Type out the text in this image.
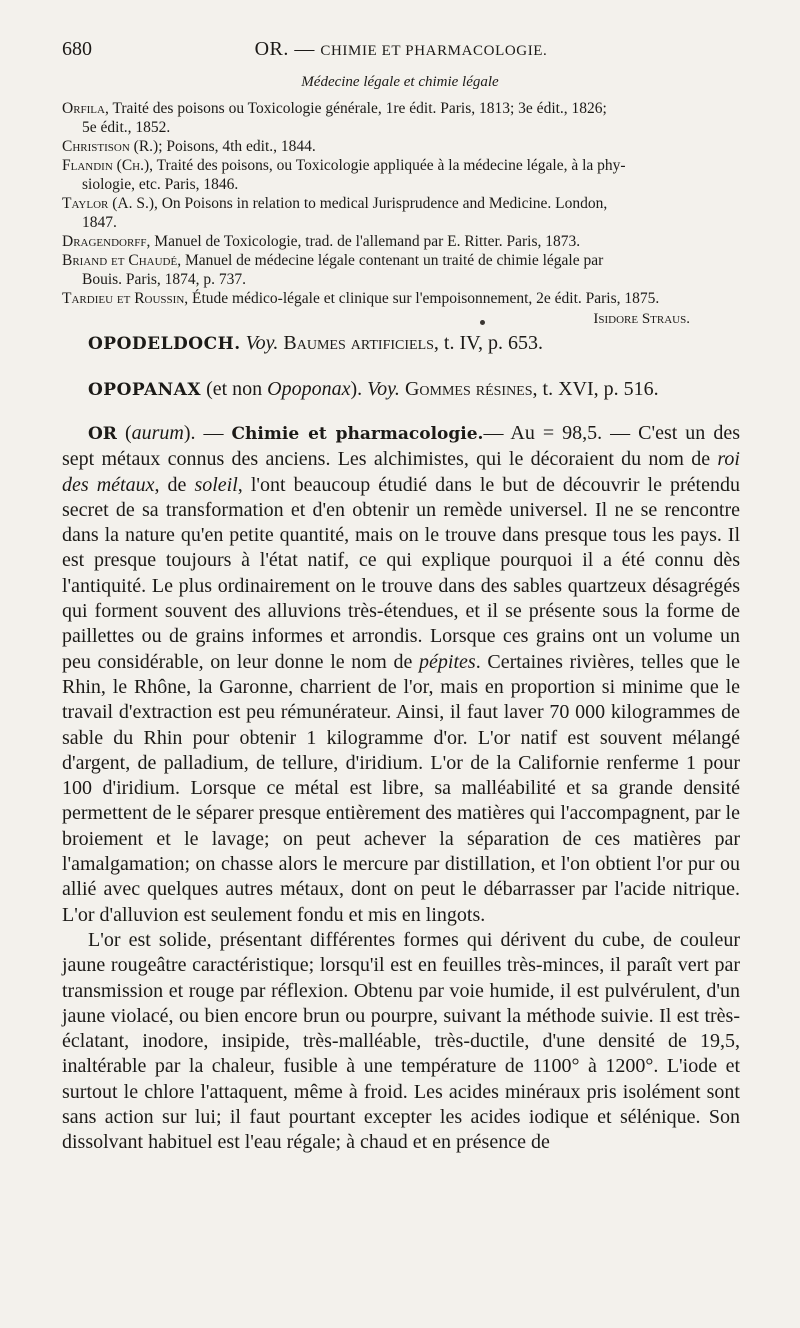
680	OR. — CHIMIE ET PHARMACOLOGIE.
Médecine légale et chimie légale
Orfila, Traité des poisons ou Toxicologie générale, 1re édit. Paris, 1813; 3e édit., 1826;
5e édit., 1852.
Christison (R.); Poisons, 4th edit., 1844.
Flandin (Ch.), Traité des poisons, ou Toxicologie appliquée à la médecine légale, à la phy-
siologie, etc. Paris, 1846.
Taylor (A. S.), On Poisons in relation to medical Jurisprudence and Medicine. London,
1847.
Dragendorff, Manuel de Toxicologie, trad. de l'allemand par E. Ritter. Paris, 1873.
Briand et Chaudé, Manuel de médecine légale contenant un traité de chimie légale par
Bouis. Paris, 1874, p. 737.
Tardieu et Roussin, Étude médico-légale et clinique sur l'empoisonnement, 2e édit. Paris, 1875.
Isidore Straus.
OPODELDOCH. Voy. Baumes artificiels, t. IV, p. 653.
OPOPANAX (et non Opoponax). Voy. Gommes résines, t. XVI, p. 516.

OR (aurum). — Chimie et pharmacologie.— Au = 98,5. — C'est un des sept métaux connus des anciens. Les alchimistes, qui le décoraient du nom de roi des métaux, de soleil, l'ont beaucoup étudié dans le but de découvrir le prétendu secret de sa transformation et d'en obtenir un remède universel. Il ne se rencontre dans la nature qu'en petite quantité, mais on le trouve dans presque tous les pays. Il est presque toujours à l'état natif, ce qui explique pourquoi il a été connu dès l'antiquité. Le plus ordinairement on le trouve dans des sables quartzeux désagrégés qui forment souvent des alluvions très-étendues, et il se présente sous la forme de paillettes ou de grains informes et arrondis. Lorsque ces grains ont un volume un peu considérable, on leur donne le nom de pépites. Certaines rivières, telles que le Rhin, le Rhône, la Garonne, charrient de l'or, mais en proportion si minime que le travail d'extraction est peu rémunérateur. Ainsi, il faut laver 70 000 kilogrammes de sable du Rhin pour obtenir 1 kilogramme d'or. L'or natif est souvent mélangé d'argent, de palladium, de tellure, d'iridium. L'or de la Californie renferme 1 pour 100 d'iridium. Lorsque ce métal est libre, sa malléabilité et sa grande densité permettent de le séparer presque entièrement des matières qui l'accompagnent, par le broiement et le lavage; on peut achever la séparation de ces matières par l'amalgamation; on chasse alors le mercure par distillation, et l'on obtient l'or pur ou allié avec quelques autres métaux, dont on peut le débarrasser par l'acide nitrique. L'or d'alluvion est seulement fondu et mis en lingots.

L'or est solide, présentant différentes formes qui dérivent du cube, de couleur jaune rougeâtre caractéristique; lorsqu'il est en feuilles très-minces, il paraît vert par transmission et rouge par réflexion. Obtenu par voie humide, il est pulvérulent, d'un jaune violacé, ou bien encore brun ou pourpre, suivant la méthode suivie. Il est très-éclatant, inodore, insipide, très-malléable, très-ductile, d'une densité de 19,5, inaltérable par la chaleur, fusible à une température de 1100° à 1200°. L'iode et surtout le chlore l'attaquent, même à froid. Les acides minéraux pris isolément sont sans action sur lui; il faut pourtant excepter les acides iodique et sélénique. Son dissolvant habituel est l'eau régale; à chaud et en présence de
